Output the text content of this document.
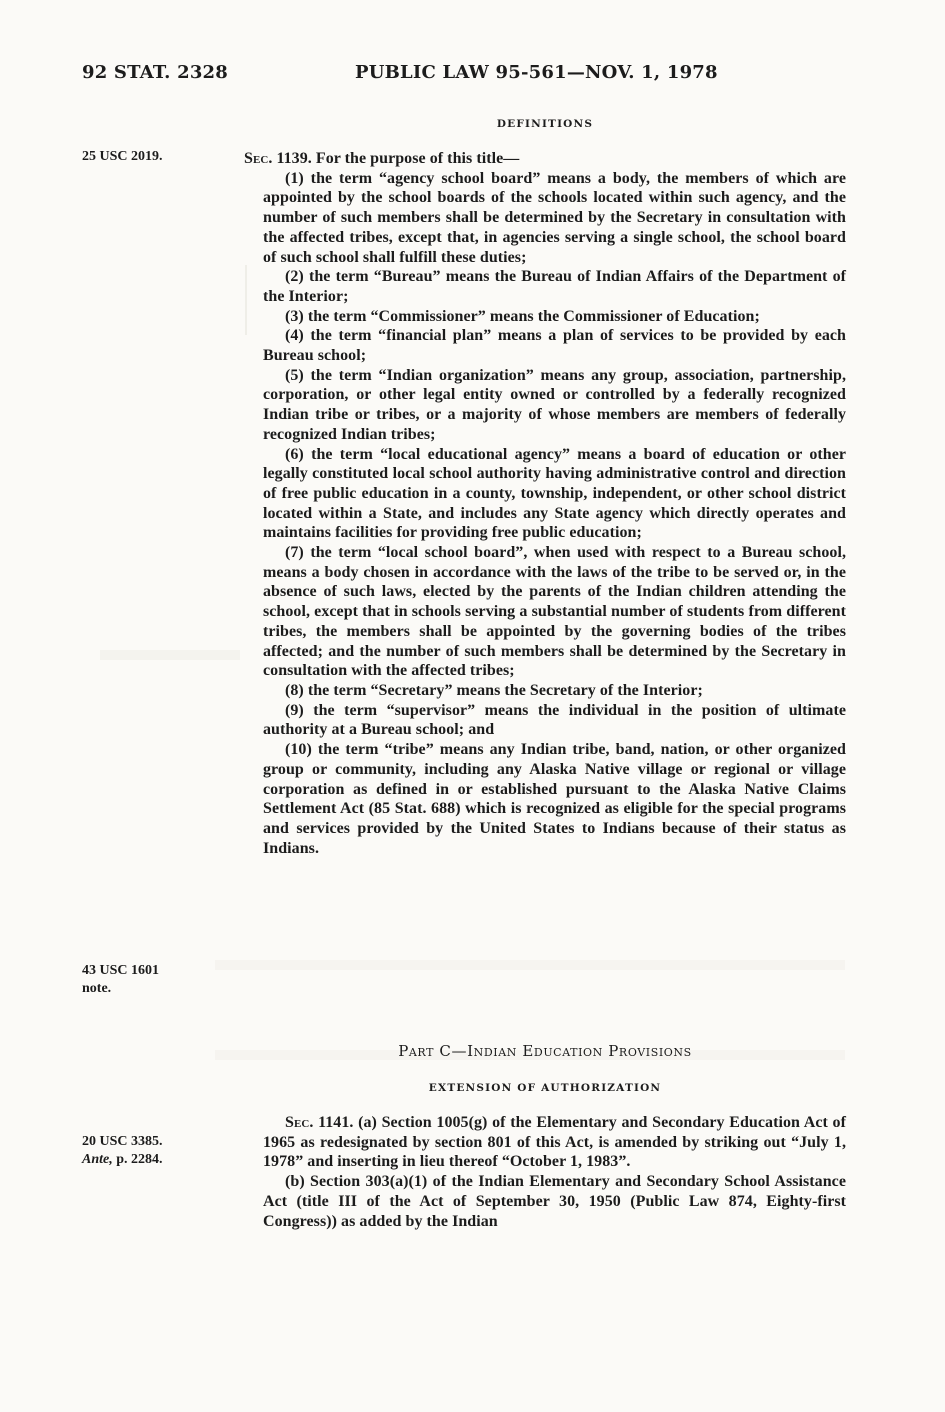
92 STAT. 2328	PUBLIC LAW 95-561—NOV. 1, 1978
DEFINITIONS
25 USC 2019.
43 USC 1601
note.
20 USC 3385.
Ante, p. 2284.

Sec. 1139. For the purpose of this title—

(1) the term “agency school board” means a body, the members of which are appointed by the school boards of the schools located within such agency, and the number of such members shall be determined by the Secretary in consultation with the affected tribes, except that, in agencies serving a single school, the school board of such school shall fulfill these duties;

(2) the term “Bureau” means the Bureau of Indian Affairs of the Department of the Interior;

(3) the term “Commissioner” means the Commissioner of Education;

(4) the term “financial plan” means a plan of services to be provided by each Bureau school;

(5) the term “Indian organization” means any group, association, partnership, corporation, or other legal entity owned or controlled by a federally recognized Indian tribe or tribes, or a majority of whose members are members of federally recognized Indian tribes;

(6) the term “local educational agency” means a board of education or other legally constituted local school authority having administrative control and direction of free public education in a county, township, independent, or other school district located within a State, and includes any State agency which directly operates and maintains facilities for providing free public education;

(7) the term “local school board”, when used with respect to a Bureau school, means a body chosen in accordance with the laws of the tribe to be served or, in the absence of such laws, elected by the parents of the Indian children attending the school, except that in schools serving a substantial number of students from different tribes, the members shall be appointed by the governing bodies of the tribes affected; and the number of such members shall be determined by the Secretary in consultation with the affected tribes;

(8) the term “Secretary” means the Secretary of the Interior;

(9) the term “supervisor” means the individual in the position of ultimate authority at a Bureau school; and

(10) the term “tribe” means any Indian tribe, band, nation, or other organized group or community, including any Alaska Native village or regional or village corporation as defined in or established pursuant to the Alaska Native Claims Settlement Act (85 Stat. 688) which is recognized as eligible for the special programs and services provided by the United States to Indians because of their status as Indians.

Part C—Indian Education Provisions
EXTENSION OF AUTHORIZATION

Sec. 1141. (a) Section 1005(g) of the Elementary and Secondary Education Act of 1965 as redesignated by section 801 of this Act, is amended by striking out “July 1, 1978” and inserting in lieu thereof “October 1, 1983”.

(b) Section 303(a)(1) of the Indian Elementary and Secondary School Assistance Act (title III of the Act of September 30, 1950 (Public Law 874, Eighty-first Congress)) as added by the Indian
